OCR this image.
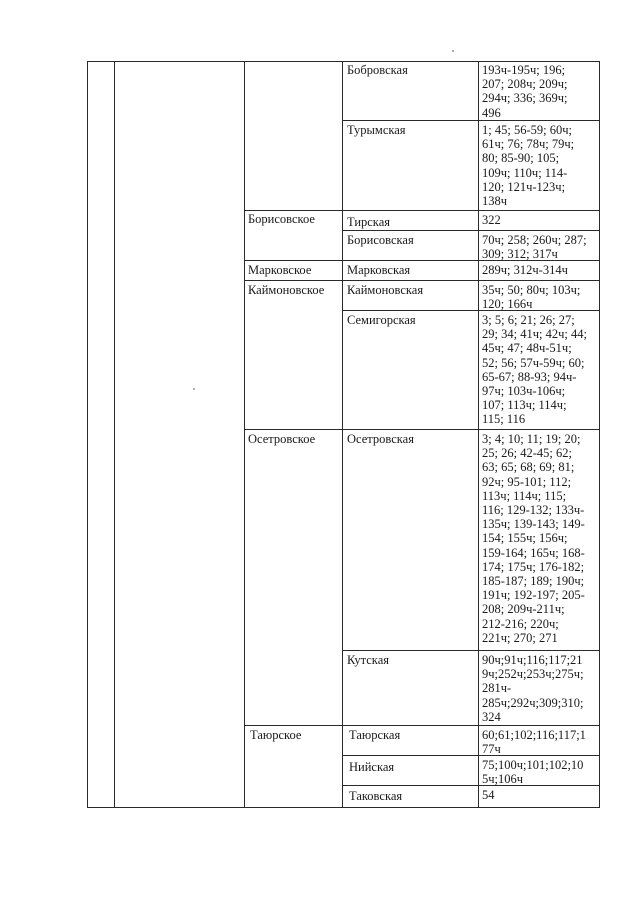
Бобровская	193ч-195ч; 196;
207; 208ч; 209ч;
294ч; 336; 369ч;
496
Турымская	1; 45; 56-59; 60ч;
61ч; 76; 78ч; 79ч;
80; 85-90; 105;
109ч; 110ч; 114-
120; 121ч-123ч;
138ч
Борисовское	Тирская	322
Борисовская	70ч; 258; 260ч; 287;
309; 312; 317ч
Марковское	Марковская	289ч; 312ч-314ч
Каймоновское Каймоновская	35ч; 50; 80ч; 103ч;
120; 166ч
Семигорская	3; 5; 6; 21; 26; 27;
29; 34; 41ч; 42ч; 44;
45ч; 47; 48ч-51ч;
52; 56; 57ч-59ч; 60;
65-67; 88-93; 94ч-
97ч; 103ч-106ч;
107; 113ч; 114ч;
115; 116
Осетровское	Осетровская	3; 4; 10; 11; 19; 20;
25; 26; 42-45; 62;
63; 65; 68; 69; 81;
92ч; 95-101; 112;
113ч; 114ч; 115;
116; 129-132; 133ч-
135ч; 139-143; 149-
154; 155ч; 156ч;
159-164; 165ч; 168-
174; 175ч; 176-182;
185-187; 189; 190ч;
191ч; 192-197; 205-
208; 209ч-211ч;
212-216; 220ч;
221ч; 270; 271
Кутская	90ч;91ч;116;117;21
9ч;252ч;253ч;275ч;
281ч-
285ч;292ч;309;310;
324
Таюрское	Таюрская	60;61;102;116;117;1
77ч
Нийская	75;100ч;101;102;10
5ч;106ч
Таковская	54
